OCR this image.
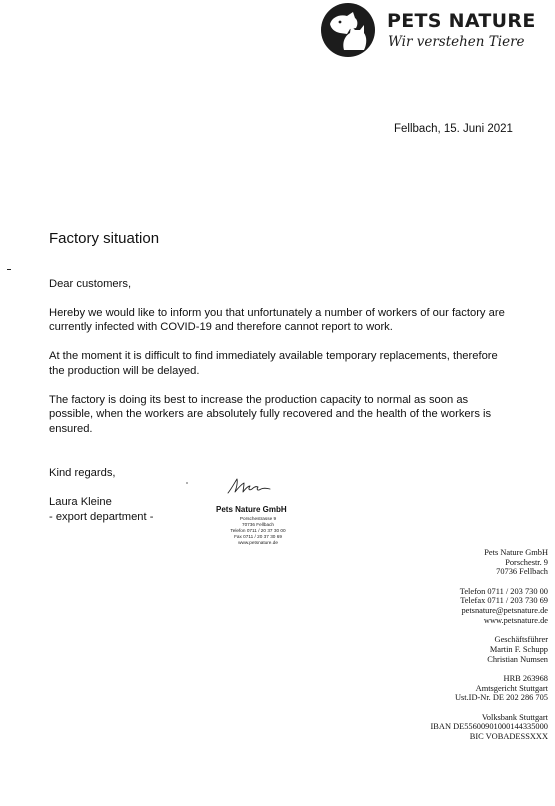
PETS NATURE
Wir verstehen Tiere
Fellbach, 15. Juni 2021
Factory situation

Dear customers,

Hereby we would like to inform you that unfortunately a number of workers of our factory are currently infected with COVID-19 and therefore cannot report to work.

At the moment it is difficult to find immediately available temporary replacements, therefore the production will be delayed.

The factory is doing its best to increase the production capacity to normal as soon as possible, when the workers are absolutely fully recovered and the health of the workers is ensured.

Kind regards,
Laura Kleine
- export department -
Pets Nature GmbH
Porschestrasse 9
70736 Fellbach
Telefon 0711 / 20 37 30 00
Fax 0711 / 20 37 30 69
www.petsnature.de
Pets Nature GmbH
Porschestr. 9
70736 Fellbach
Telefon 0711 / 203 730 00
Telefax 0711 / 203 730 69
petsnature@petsnature.de
www.petsnature.de
Geschäftsführer
Martin F. Schupp
Christian Numsen
HRB 263968
Amtsgericht Stuttgart
Ust.ID-Nr. DE 202 286 705
Volksbank Stuttgart
IBAN DE55600901000144335000
BIC VOBADESSXXX
